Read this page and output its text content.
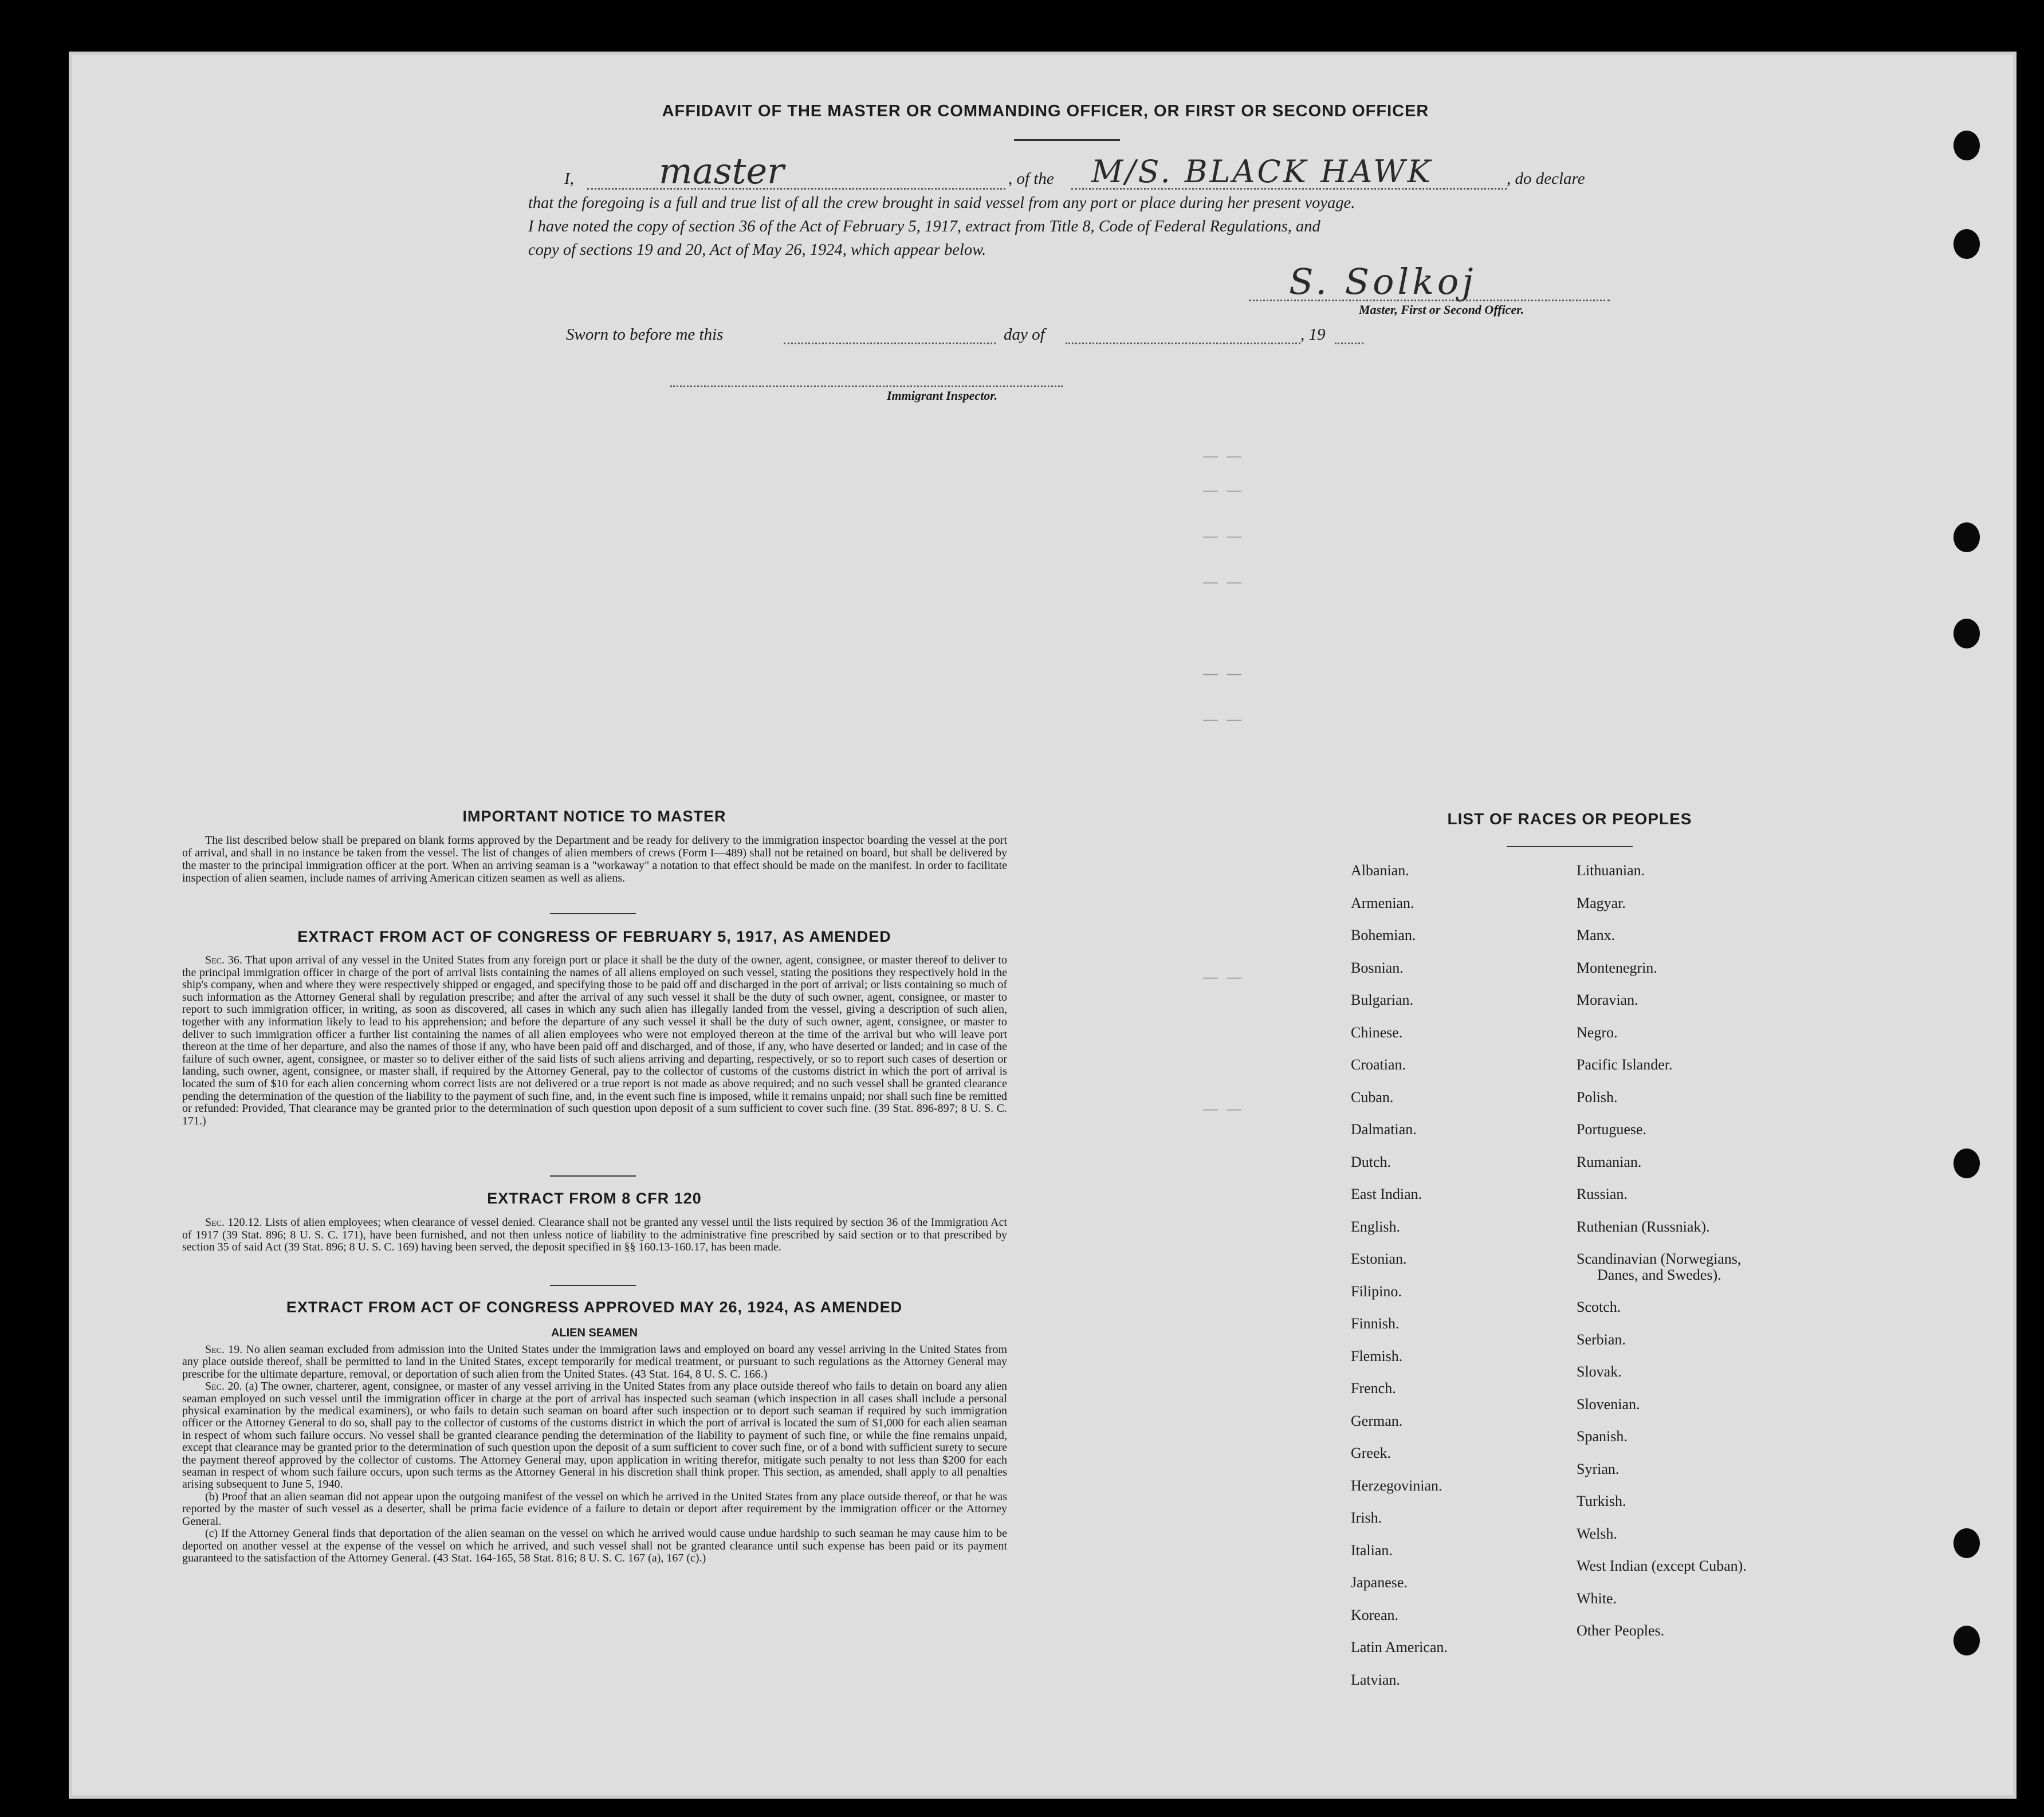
— —
— —
— —
— —
— —
— —
— —
— —
AFFIDAVIT OF THE MASTER OR COMMANDING OFFICER, OR FIRST OR SECOND OFFICER
I, master	, of the M/S. BLACK HAWK	, do declare
that the foregoing is a full and true list of all the crew brought in said vessel from any port or place during her present voyage.
I have noted the copy of section 36 of the Act of February 5, 1917, extract from Title 8, Code of Federal Regulations, and
copy of sections 19 and 20, Act of May 26, 1924, which appear below.
S. Solkoj
Master, First or Second Officer.
Sworn to before me this	day of	, 19
Immigrant Inspector.
IMPORTANT NOTICE TO MASTER

The list described below shall be prepared on blank forms approved by the Department and be ready for delivery to the immigration inspector boarding the vessel at the port of arrival, and shall in no instance be taken from the vessel. The list of changes of alien members of crews (Form I—489) shall not be retained on board, but shall be delivered by the master to the principal immigration officer at the port. When an arriving seaman is a "workaway" a notation to that effect should be made on the manifest. In order to facilitate inspection of alien seamen, include names of arriving American citizen seamen as well as aliens.

EXTRACT FROM ACT OF CONGRESS OF FEBRUARY 5, 1917, AS AMENDED

Sec. 36. That upon arrival of any vessel in the United States from any foreign port or place it shall be the duty of the owner, agent, consignee, or master thereof to deliver to the principal immigration officer in charge of the port of arrival lists containing the names of all aliens employed on such vessel, stating the positions they respectively hold in the ship's company, when and where they were respectively shipped or engaged, and specifying those to be paid off and discharged in the port of arrival; or lists containing so much of such information as the Attorney General shall by regulation prescribe; and after the arrival of any such vessel it shall be the duty of such owner, agent, consignee, or master to report to such immigration officer, in writing, as soon as discovered, all cases in which any such alien has illegally landed from the vessel, giving a description of such alien, together with any information likely to lead to his apprehension; and before the departure of any such vessel it shall be the duty of such owner, agent, consignee, or master to deliver to such immigration officer a further list containing the names of all alien employees who were not employed thereon at the time of the arrival but who will leave port thereon at the time of her departure, and also the names of those if any, who have been paid off and discharged, and of those, if any, who have deserted or landed; and in case of the failure of such owner, agent, consignee, or master so to deliver either of the said lists of such aliens arriving and departing, respectively, or so to report such cases of desertion or landing, such owner, agent, consignee, or master shall, if required by the Attorney General, pay to the collector of customs of the customs district in which the port of arrival is located the sum of $10 for each alien concerning whom correct lists are not delivered or a true report is not made as above required; and no such vessel shall be granted clearance pending the determination of the question of the liability to the payment of such fine, and, in the event such fine is imposed, while it remains unpaid; nor shall such fine be remitted or refunded: Provided, That clearance may be granted prior to the determination of such question upon deposit of a sum sufficient to cover such fine. (39 Stat. 896-897; 8 U. S. C. 171.)

EXTRACT FROM 8 CFR 120

Sec. 120.12. Lists of alien employees; when clearance of vessel denied. Clearance shall not be granted any vessel until the lists required by section 36 of the Immigration Act of 1917 (39 Stat. 896; 8 U. S. C. 171), have been furnished, and not then unless notice of liability to the administrative fine prescribed by said section or to that prescribed by section 35 of said Act (39 Stat. 896; 8 U. S. C. 169) having been served, the deposit specified in §§ 160.13-160.17, has been made.

EXTRACT FROM ACT OF CONGRESS APPROVED MAY 26, 1924, AS AMENDED
ALIEN SEAMEN

Sec. 19. No alien seaman excluded from admission into the United States under the immigration laws and employed on board any vessel arriving in the United States from any place outside thereof, shall be permitted to land in the United States, except temporarily for medical treatment, or pursuant to such regulations as the Attorney General may prescribe for the ultimate departure, removal, or deportation of such alien from the United States. (43 Stat. 164, 8 U. S. C. 166.)

Sec. 20. (a) The owner, charterer, agent, consignee, or master of any vessel arriving in the United States from any place outside thereof who fails to detain on board any alien seaman employed on such vessel until the immigration officer in charge at the port of arrival has inspected such seaman (which inspection in all cases shall include a personal physical examination by the medical examiners), or who fails to detain such seaman on board after such inspection or to deport such seaman if required by such immigration officer or the Attorney General to do so, shall pay to the collector of customs of the customs district in which the port of arrival is located the sum of $1,000 for each alien seaman in respect of whom such failure occurs. No vessel shall be granted clearance pending the determination of the liability to payment of such fine, or while the fine remains unpaid, except that clearance may be granted prior to the determination of such question upon the deposit of a sum sufficient to cover such fine, or of a bond with sufficient surety to secure the payment thereof approved by the collector of customs. The Attorney General may, upon application in writing therefor, mitigate such penalty to not less than $200 for each seaman in respect of whom such failure occurs, upon such terms as the Attorney General in his discretion shall think proper. This section, as amended, shall apply to all penalties arising subsequent to June 5, 1940.

(b) Proof that an alien seaman did not appear upon the outgoing manifest of the vessel on which he arrived in the United States from any place outside thereof, or that he was reported by the master of such vessel as a deserter, shall be prima facie evidence of a failure to detain or deport after requirement by the immigration officer or the Attorney General.

(c) If the Attorney General finds that deportation of the alien seaman on the vessel on which he arrived would cause undue hardship to such seaman he may cause him to be deported on another vessel at the expense of the vessel on which he arrived, and such vessel shall not be granted clearance until such expense has been paid or its payment guaranteed to the satisfaction of the Attorney General. (43 Stat. 164-165, 58 Stat. 816; 8 U. S. C. 167 (a), 167 (c).)

LIST OF RACES OR PEOPLES
Albanian.
Armenian.
Bohemian.
Bosnian.
Bulgarian.
Chinese.
Croatian.
Cuban.
Dalmatian.
Dutch.
East Indian.
English.
Estonian.
Filipino.
Finnish.
Flemish.
French.
German.
Greek.
Herzegovinian.
Irish.
Italian.
Japanese.
Korean.
Latin American.
Latvian.
Lithuanian.
Magyar.
Manx.
Montenegrin.
Moravian.
Negro.
Pacific Islander.
Polish.
Portuguese.
Rumanian.
Russian.
Ruthenian (Russniak).
Scandinavian (Norwegians,
Danes, and Swedes).
Scotch.
Serbian.
Slovak.
Slovenian.
Spanish.
Syrian.
Turkish.
Welsh.
West Indian (except Cuban).
White.
Other Peoples.
